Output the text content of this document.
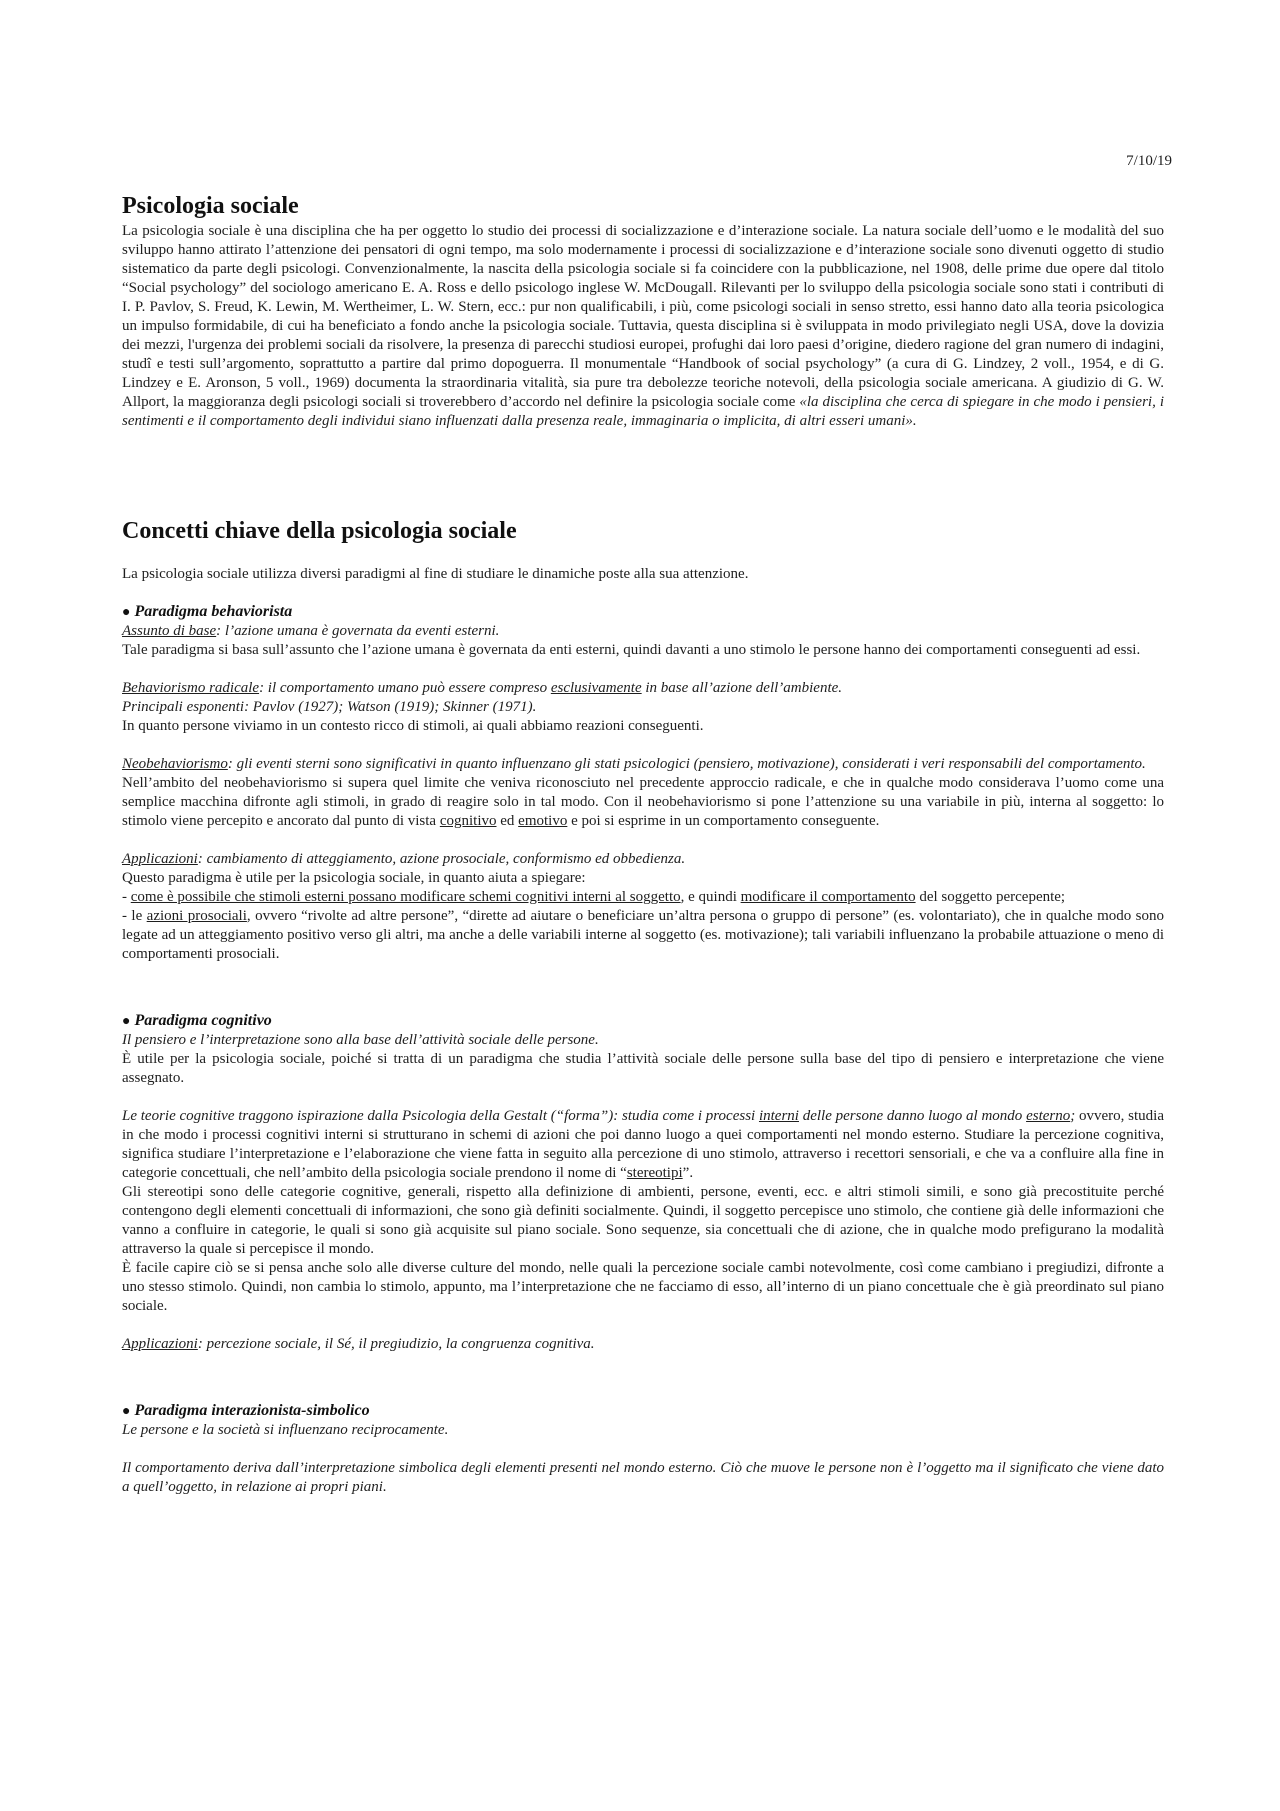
7/10/19
Psicologia sociale

La psicologia sociale è una disciplina che ha per oggetto lo studio dei processi di socializzazione e d’interazione sociale. La natura sociale dell’uomo e le modalità del suo sviluppo hanno attirato l’attenzione dei pensatori di ogni tempo, ma solo modernamente i processi di socializzazione e d’interazione sociale sono divenuti oggetto di studio sistematico da parte degli psicologi. Convenzionalmente, la nascita della psicologia sociale si fa coincidere con la pubblicazione, nel 1908, delle prime due opere dal titolo “Social psychology” del sociologo americano E. A. Ross e dello psicologo inglese W. McDougall. Rilevanti per lo sviluppo della psicologia sociale sono stati i contributi di I. P. Pavlov, S. Freud, K. Lewin, M. Wertheimer, L. W. Stern, ecc.: pur non qualificabili, i più, come psicologi sociali in senso stretto, essi hanno dato alla teoria psicologica un impulso formidabile, di cui ha beneficiato a fondo anche la psicologia sociale. Tuttavia, questa disciplina si è sviluppata in modo privilegiato negli USA, dove la dovizia dei mezzi, l'urgenza dei problemi sociali da risolvere, la presenza di parecchi studiosi europei, profughi dai loro paesi d’origine, diedero ragione del gran numero di indagini, studî e testi sull’argomento, soprattutto a partire dal primo dopoguerra. Il monumentale “Handbook of social psychology” (a cura di G. Lindzey, 2 voll., 1954, e di G. Lindzey e E. Aronson, 5 voll., 1969) documenta la straordinaria vitalità, sia pure tra debolezze teoriche notevoli, della psicologia sociale americana. A giudizio di G. W. Allport, la maggioranza degli psicologi sociali si troverebbero d’accordo nel definire la psicologia sociale come «la disciplina che cerca di spiegare in che modo i pensieri, i sentimenti e il comportamento degli individui siano influenzati dalla presenza reale, immaginaria o implicita, di altri esseri umani».

Concetti chiave della psicologia sociale

La psicologia sociale utilizza diversi paradigmi al fine di studiare le dinamiche poste alla sua attenzione.

● Paradigma behaviorista

Assunto di base: l’azione umana è governata da eventi esterni.

Tale paradigma si basa sull’assunto che l’azione umana è governata da enti esterni, quindi davanti a uno stimolo le persone hanno dei comportamenti conseguenti ad essi.

Behaviorismo radicale: il comportamento umano può essere compreso esclusivamente in base all’azione dell’ambiente.

Principali esponenti: Pavlov (1927); Watson (1919); Skinner (1971).

In quanto persone viviamo in un contesto ricco di stimoli, ai quali abbiamo reazioni conseguenti.

Neobehaviorismo: gli eventi sterni sono significativi in quanto influenzano gli stati psicologici (pensiero, motivazione), considerati i veri responsabili del comportamento.

Nell’ambito del neobehaviorismo si supera quel limite che veniva riconosciuto nel precedente approccio radicale, e che in qualche modo considerava l’uomo come una semplice macchina difronte agli stimoli, in grado di reagire solo in tal modo. Con il neobehaviorismo si pone l’attenzione su una variabile in più, interna al soggetto: lo stimolo viene percepito e ancorato dal punto di vista cognitivo ed emotivo e poi si esprime in un comportamento conseguente.

Applicazioni: cambiamento di atteggiamento, azione prosociale, conformismo ed obbedienza.

Questo paradigma è utile per la psicologia sociale, in quanto aiuta a spiegare:

- come è possibile che stimoli esterni possano modificare schemi cognitivi interni al soggetto, e quindi modificare il comportamento del soggetto percepente;

- le azioni prosociali, ovvero “rivolte ad altre persone”, “dirette ad aiutare o beneficiare un’altra persona o gruppo di persone” (es. volontariato), che in qualche modo sono legate ad un atteggiamento positivo verso gli altri, ma anche a delle variabili interne al soggetto (es. motivazione); tali variabili influenzano la probabile attuazione o meno di comportamenti prosociali.

● Paradigma cognitivo

Il pensiero e l’interpretazione sono alla base dell’attività sociale delle persone.

È utile per la psicologia sociale, poiché si tratta di un paradigma che studia l’attività sociale delle persone sulla base del tipo di pensiero e interpretazione che viene assegnato.

Le teorie cognitive traggono ispirazione dalla Psicologia della Gestalt (“forma”): studia come i processi interni delle persone danno luogo al mondo esterno; ovvero, studia in che modo i processi cognitivi interni si strutturano in schemi di azioni che poi danno luogo a quei comportamenti nel mondo esterno. Studiare la percezione cognitiva, significa studiare l’interpretazione e l’elaborazione che viene fatta in seguito alla percezione di uno stimolo, attraverso i recettori sensoriali, e che va a confluire alla fine in categorie concettuali, che nell’ambito della psicologia sociale prendono il nome di “stereotipi”.

Gli stereotipi sono delle categorie cognitive, generali, rispetto alla definizione di ambienti, persone, eventi, ecc. e altri stimoli simili, e sono già precostituite perché contengono degli elementi concettuali di informazioni, che sono già definiti socialmente. Quindi, il soggetto percepisce uno stimolo, che contiene già delle informazioni che vanno a confluire in categorie, le quali si sono già acquisite sul piano sociale. Sono sequenze, sia concettuali che di azione, che in qualche modo prefigurano la modalità attraverso la quale si percepisce il mondo.

È facile capire ciò se si pensa anche solo alle diverse culture del mondo, nelle quali la percezione sociale cambi notevolmente, così come cambiano i pregiudizi, difronte a uno stesso stimolo. Quindi, non cambia lo stimolo, appunto, ma l’interpretazione che ne facciamo di esso, all’interno di un piano concettuale che è già preordinato sul piano sociale.

Applicazioni: percezione sociale, il Sé, il pregiudizio, la congruenza cognitiva.

● Paradigma interazionista-simbolico

Le persone e la società si influenzano reciprocamente.

Il comportamento deriva dall’interpretazione simbolica degli elementi presenti nel mondo esterno. Ciò che muove le persone non è l’oggetto ma il significato che viene dato a quell’oggetto, in relazione ai propri piani.
